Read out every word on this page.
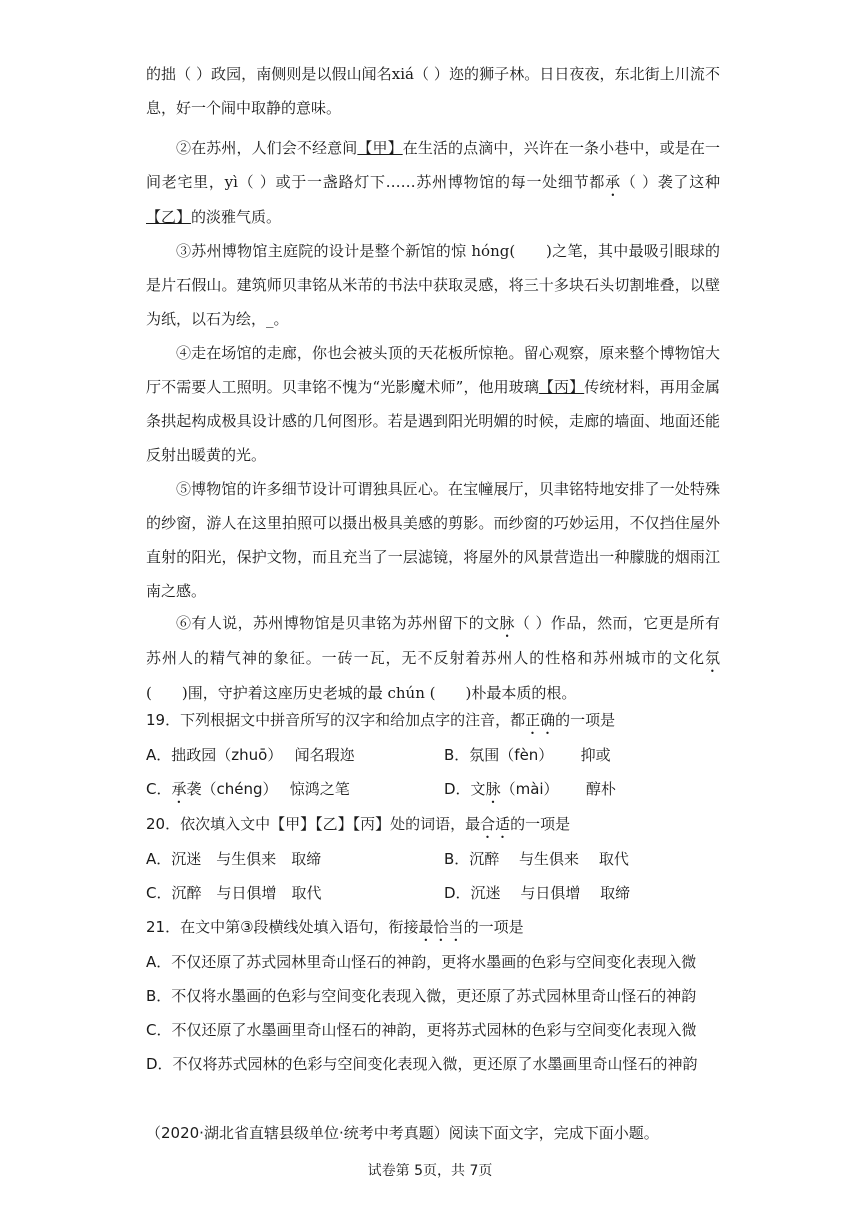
的拙（ ）政园，南侧则是以假山闻名xiá（ ）迩的狮子林。日日夜夜，东北街上川流不息，好一个闹中取静的意味。

②在苏州，人们会不经意间【甲】在生活的点滴中，兴许在一条小巷中，或是在一间老宅里，yì（ ）或于一盏路灯下……苏州博物馆的每一处细节都承（ ）袭了这种【乙】的淡雅气质。

③苏州博物馆主庭院的设计是整个新馆的惊 hóng(　　)之笔，其中最吸引眼球的是片石假山。建筑师贝聿铭从米芾的书法中获取灵感，将三十多块石头切割堆叠，以壁为纸，以石为绘，_。

④走在场馆的走廊，你也会被头顶的天花板所惊艳。留心观察，原来整个博物馆大厅不需要人工照明。贝聿铭不愧为“光影魔术师”，他用玻璃【丙】传统材料，再用金属条拱起构成极具设计感的几何图形。若是遇到阳光明媚的时候，走廊的墙面、地面还能反射出暖黄的光。

⑤博物馆的许多细节设计可谓独具匠心。在宝幢展厅，贝聿铭特地安排了一处特殊的纱窗，游人在这里拍照可以摄出极具美感的剪影。而纱窗的巧妙运用，不仅挡住屋外直射的阳光，保护文物，而且充当了一层滤镜，将屋外的风景营造出一种朦胧的烟雨江南之感。

⑥有人说，苏州博物馆是贝聿铭为苏州留下的文脉（ ）作品，然而，它更是所有苏州人的精气神的象征。一砖一瓦，无不反射着苏州人的性格和苏州城市的文化氛(　　)围，守护着这座历史老城的最 chún (　　)朴最本质的根。

19．下列根据文中拼音所写的汉字和给加点字的注音，都正确的一项是

A．拙政园（zhuō）　 闻名瑕迩	B．氛围（fèn）　　 抑或

C．承袭（chéng）　 惊鸿之笔	D．文脉（mài）　　 醇朴

20．依次填入文中【甲】【乙】【丙】处的词语，最合适的一项是

A．沉迷　与生俱来　取缔	B．沉醉　 与生俱来　 取代

C．沉醉　与日俱增　取代	D．沉迷　 与日俱增　 取缔

21．在文中第③段横线处填入语句，衔接最恰当的一项是

A．不仅还原了苏式园林里奇山怪石的神韵，更将水墨画的色彩与空间变化表现入微

B．不仅将水墨画的色彩与空间变化表现入微，更还原了苏式园林里奇山怪石的神韵

C．不仅还原了水墨画里奇山怪石的神韵，更将苏式园林的色彩与空间变化表现入微

D．不仅将苏式园林的色彩与空间变化表现入微，更还原了水墨画里奇山怪石的神韵

（2020·湖北省直辖县级单位·统考中考真题）阅读下面文字，完成下面小题。

试卷第 5页，共 7页
